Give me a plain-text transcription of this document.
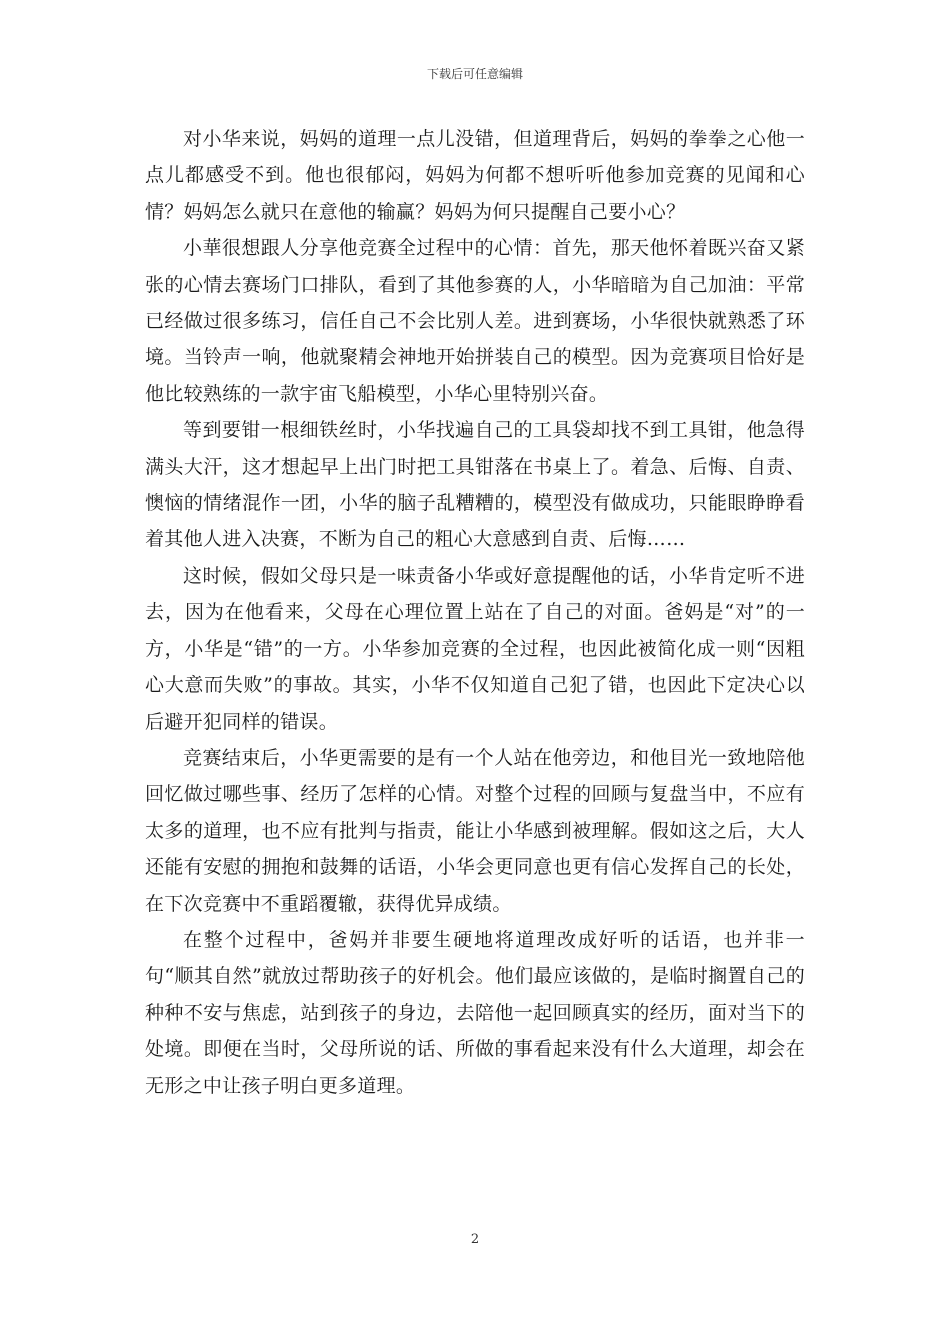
下载后可任意编辑

对小华来说，妈妈的道理一点儿没错，但道理背后，妈妈的拳拳之心他一点儿都感受不到。他也很郁闷，妈妈为何都不想听听他参加竞赛的见闻和心情？妈妈怎么就只在意他的输赢？妈妈为何只提醒自己要小心？

小華很想跟人分享他竞赛全过程中的心情：首先，那天他怀着既兴奋又紧张的心情去赛场门口排队，看到了其他参赛的人，小华暗暗为自己加油：平常已经做过很多练习，信任自己不会比别人差。进到赛场，小华很快就熟悉了环境。当铃声一响，他就聚精会神地开始拼装自己的模型。因为竞赛项目恰好是他比较熟练的一款宇宙飞船模型，小华心里特别兴奋。

等到要钳一根细铁丝时，小华找遍自己的工具袋却找不到工具钳，他急得满头大汗，这才想起早上出门时把工具钳落在书桌上了。着急、后悔、自责、懊恼的情绪混作一团，小华的脑子乱糟糟的，模型没有做成功，只能眼睁睁看着其他人进入决赛，不断为自己的粗心大意感到自责、后悔……

这时候，假如父母只是一味责备小华或好意提醒他的话，小华肯定听不进去，因为在他看来，父母在心理位置上站在了自己的对面。爸妈是“对”的一方，小华是“错”的一方。小华参加竞赛的全过程，也因此被简化成一则“因粗心大意而失败”的事故。其实，小华不仅知道自己犯了错，也因此下定决心以后避开犯同样的错误。

竞赛结束后，小华更需要的是有一个人站在他旁边，和他目光一致地陪他回忆做过哪些事、经历了怎样的心情。对整个过程的回顾与复盘当中，不应有太多的道理，也不应有批判与指责，能让小华感到被理解。假如这之后，大人还能有安慰的拥抱和鼓舞的话语，小华会更同意也更有信心发挥自己的长处，在下次竞赛中不重蹈覆辙，获得优异成绩。

在整个过程中，爸妈并非要生硬地将道理改成好听的话语，也并非一句“顺其自然”就放过帮助孩子的好机会。他们最应该做的，是临时搁置自己的种种不安与焦虑，站到孩子的身边，去陪他一起回顾真实的经历，面对当下的处境。即便在当时，父母所说的话、所做的事看起来没有什么大道理，却会在无形之中让孩子明白更多道理。

2
